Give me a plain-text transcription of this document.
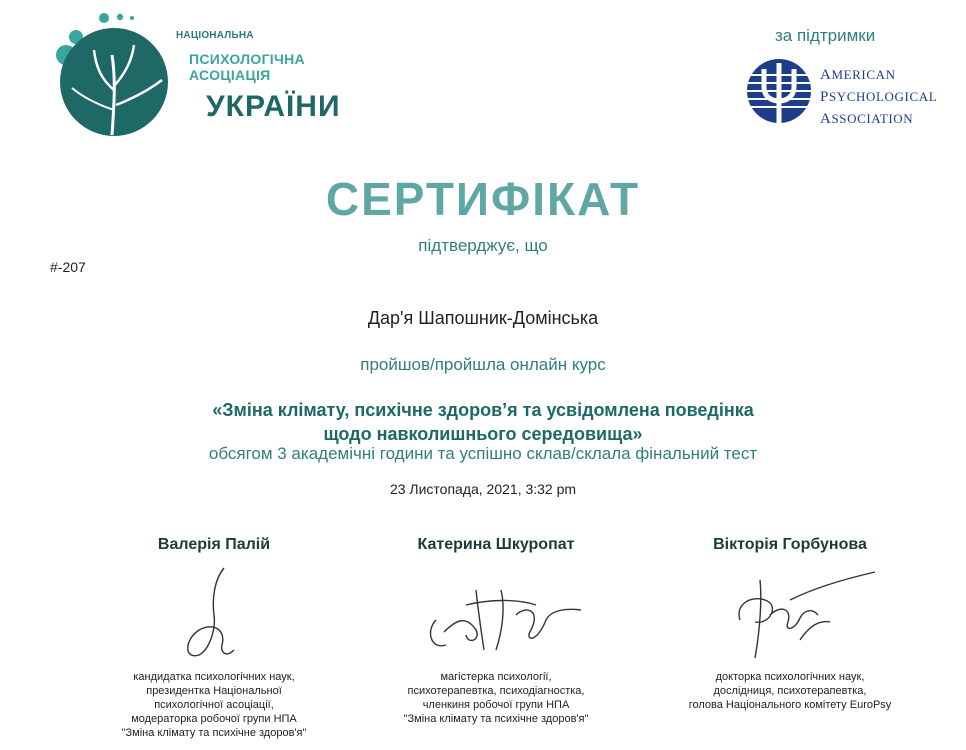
НАЦІОНАЛЬНА
ПСИХОЛОГІЧНА
АСОЦІАЦІЯ
УКРАЇНИ
за підтримки
AMERICAN
PSYCHOLOGICAL
ASSOCIATION
СЕРТИФІКАТ
підтверджує, що
#-207
Дар'я Шапошник-Домінська
пройшов/пройшла онлайн курс
«Зміна клімату, психічне здоров’я та усвідомлена поведінка
щодо навколишнього середовища»
обсягом 3 академічні години та успішно склав/склала фінальний тест
23 Листопада, 2021, 3:32 pm
Валерія Палій
кандидатка психологічних наук,
президентка Національної
психологічної асоціації,
модераторка робочої групи НПА
"Зміна клімату та психічне здоров'я"
Катерина Шкуропат
магістерка психології,
психотерапевтка, психодіагностка,
членкиня робочої групи НПА
"Зміна клімату та психічне здоров'я"
Вікторія Горбунова
докторка психологічних наук,
дослідниця, психотерапевтка,
голова Національного комітету EuroPsy
